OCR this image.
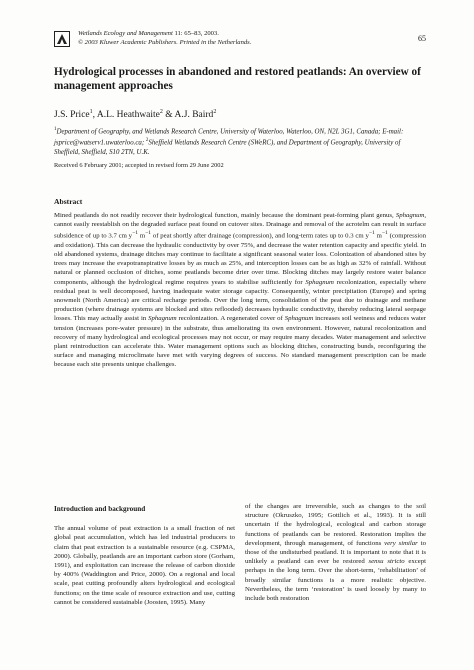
Wetlands Ecology and Management 11: 65–83, 2003.
© 2003 Kluwer Academic Publishers. Printed in the Netherlands.	65
Hydrological processes in abandoned and restored peatlands: An overview of management approaches
J.S. Price$^1$, A.L. Heathwaite$^2$ & A.J. Baird$^2$
$^1$Department of Geography, and Wetlands Research Centre, University of Waterloo, Waterloo, ON, N2L 3G1, Canada; E-mail: jsprice@watserv1.uwaterloo.ca; $^2$Sheffield Wetlands Research Centre (SWeRC), and Department of Geography, University of Sheffield, Sheffield, S10 2TN, U.K.
Received 6 February 2001; accepted in revised form 29 June 2002
Abstract
Mined peatlands do not readily recover their hydrological function, mainly because the dominant peat-forming plant genus, Sphagnum, cannot easily reestablish on the degraded surface peat found on cutover sites. Drainage and removal of the acrotelm can result in surface subsidence of up to 3.7 cm $y^{-1}$ $m^{-1}$ of peat shortly after drainage (compression), and long-term rates up to 0.3 cm $y^{-1}$ $m^{-1}$ (compression and oxidation). This can decrease the hydraulic conductivity by over 75%, and decrease the water retention capacity and specific yield. In old abandoned systems, drainage ditches may continue to facilitate a significant seasonal water loss. Colonization of abandoned sites by trees may increase the evapotranspirative losses by as much as 25%, and interception losses can be as high as 32% of rainfall. Without natural or planned occlusion of ditches, some peatlands become drier over time. Blocking ditches may largely restore water balance components, although the hydrological regime requires years to stabilise sufficiently for Sphagnum recolonization, especially where residual peat is well decomposed, having inadequate water storage capacity. Consequently, winter precipitation (Europe) and spring snowmelt (North America) are critical recharge periods. Over the long term, consolidation of the peat due to drainage and methane production (where drainage systems are blocked and sites reflooded) decreases hydraulic conductivity, thereby reducing lateral seepage losses. This may actually assist in Sphagnum recolonization. A regenerated cover of Sphagnum increases soil wetness and reduces water tension (increases pore-water pressure) in the substrate, thus ameliorating its own environment. However, natural recolonization and recovery of many hydrological and ecological processes may not occur, or may require many decades. Water management and selective plant reintroduction can accelerate this. Water management options such as blocking ditches, constructing bunds, reconfiguring the surface and managing microclimate have met with varying degrees of success. No standard management prescription can be made because each site presents unique challenges.
Introduction and background

The annual volume of peat extraction is a small fraction of net global peat accumulation, which has led industrial producers to claim that peat extraction is a sustainable resource (e.g. CSPMA, 2000). Globally, peatlands are an important carbon store (Gorham, 1991), and exploitation can increase the release of carbon dioxide by 400% (Waddington and Price, 2000). On a regional and local scale, peat cutting profoundly alters hydrological and ecological functions; on the time scale of resource extraction and use, cutting cannot be considered sustainable (Joosten, 1995). Many

of the changes are irreversible, such as changes to the soil structure (Okruszko, 1995; Gottlich et al., 1993). It is still uncertain if the hydrological, ecological and carbon storage functions of peatlands can be restored. Restoration implies the development, through management, of functions very similar to those of the undisturbed peatland. It is important to note that it is unlikely a peatland can ever be restored sensu stricto except perhaps in the long term. Over the short-term, ‘rehabilitation’ of broadly similar functions is a more realistic objective. Nevertheless, the term ‘restoration’ is used loosely by many to include both restoration
